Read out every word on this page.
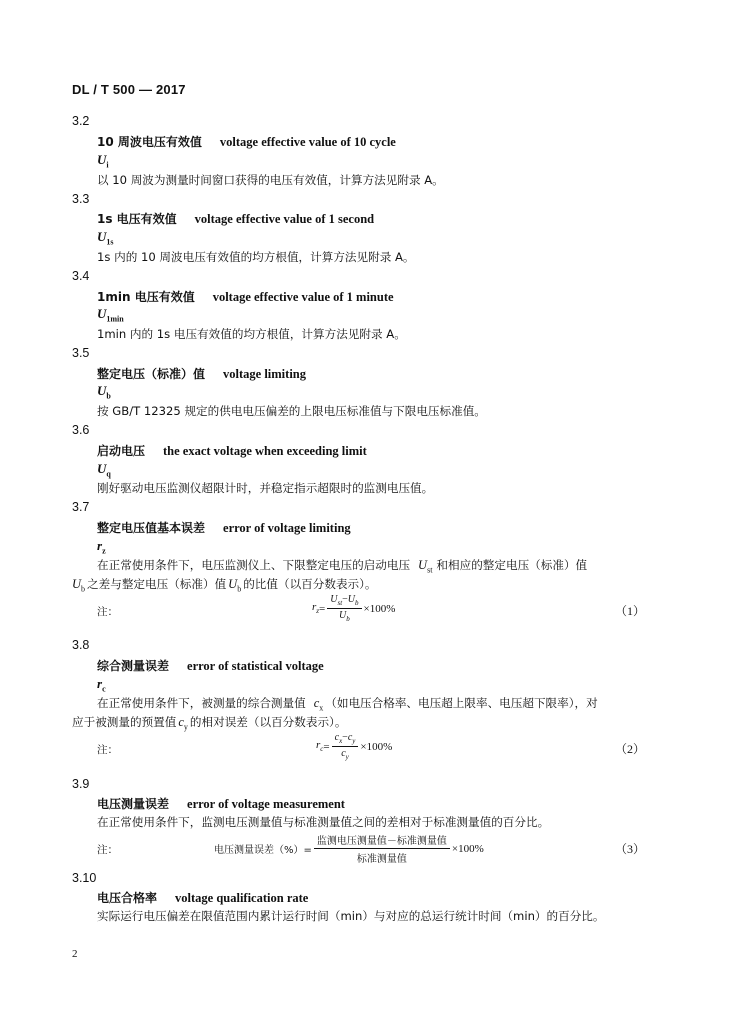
DL / T 500 — 2017
3.2
10 周波电压有效值 voltage effective value of 10 cycle
$U_i$
以 10 周波为测量时间窗口获得的电压有效值，计算方法见附录 A。
3.3
1s 电压有效值 voltage effective value of 1 second
$U_{1s}$
1s 内的 10 周波电压有效值的均方根值，计算方法见附录 A。
3.4
1min 电压有效值 voltage effective value of 1 minute
$U_{1min}$
1min 内的 1s 电压有效值的均方根值，计算方法见附录 A。
3.5
整定电压（标准）值 voltage limiting
$U_b$
按 GB/T 12325 规定的供电电压偏差的上限电压标准值与下限电压标准值。
3.6
启动电压 the exact voltage when exceeding limit
$U_q$
刚好驱动电压监测仪超限计时，并稳定指示超限时的监测电压值。
3.7
整定电压值基本误差 error of voltage limiting
$r_z$
在正常使用条件下，电压监测仪上、下限整定电压的启动电压 $U_{st}$ 和相应的整定电压（标准）值
$U_b$ 之差与整定电压（标准）值 $U_b$ 的比值（以百分数表示）。
注：	$r_z = \frac{U_{st}-U_b}{U_b} \times 100\%$	（1）
3.8
综合测量误差 error of statistical voltage
$r_c$
在正常使用条件下，被测量的综合测量值 $c_x$ （如电压合格率、电压超上限率、电压超下限率），对
应于被测量的预置值 $c_y$ 的相对误差（以百分数表示）。
注：	$r_c = \frac{c_x-c_y}{c_y} \times 100\%$	（2）
3.9
电压测量误差 error of voltage measurement
在正常使用条件下，监测电压测量值与标准测量值之间的差相对于标准测量值的百分比。
注：	电压测量误差（%）= $\frac{\text{监测电压测量值－标准测量值}}{\text{标准测量值}} \times 100\%$	（3）
3.10
电压合格率 voltage qualification rate
实际运行电压偏差在限值范围内累计运行时间（min）与对应的总运行统计时间（min）的百分比。
2
